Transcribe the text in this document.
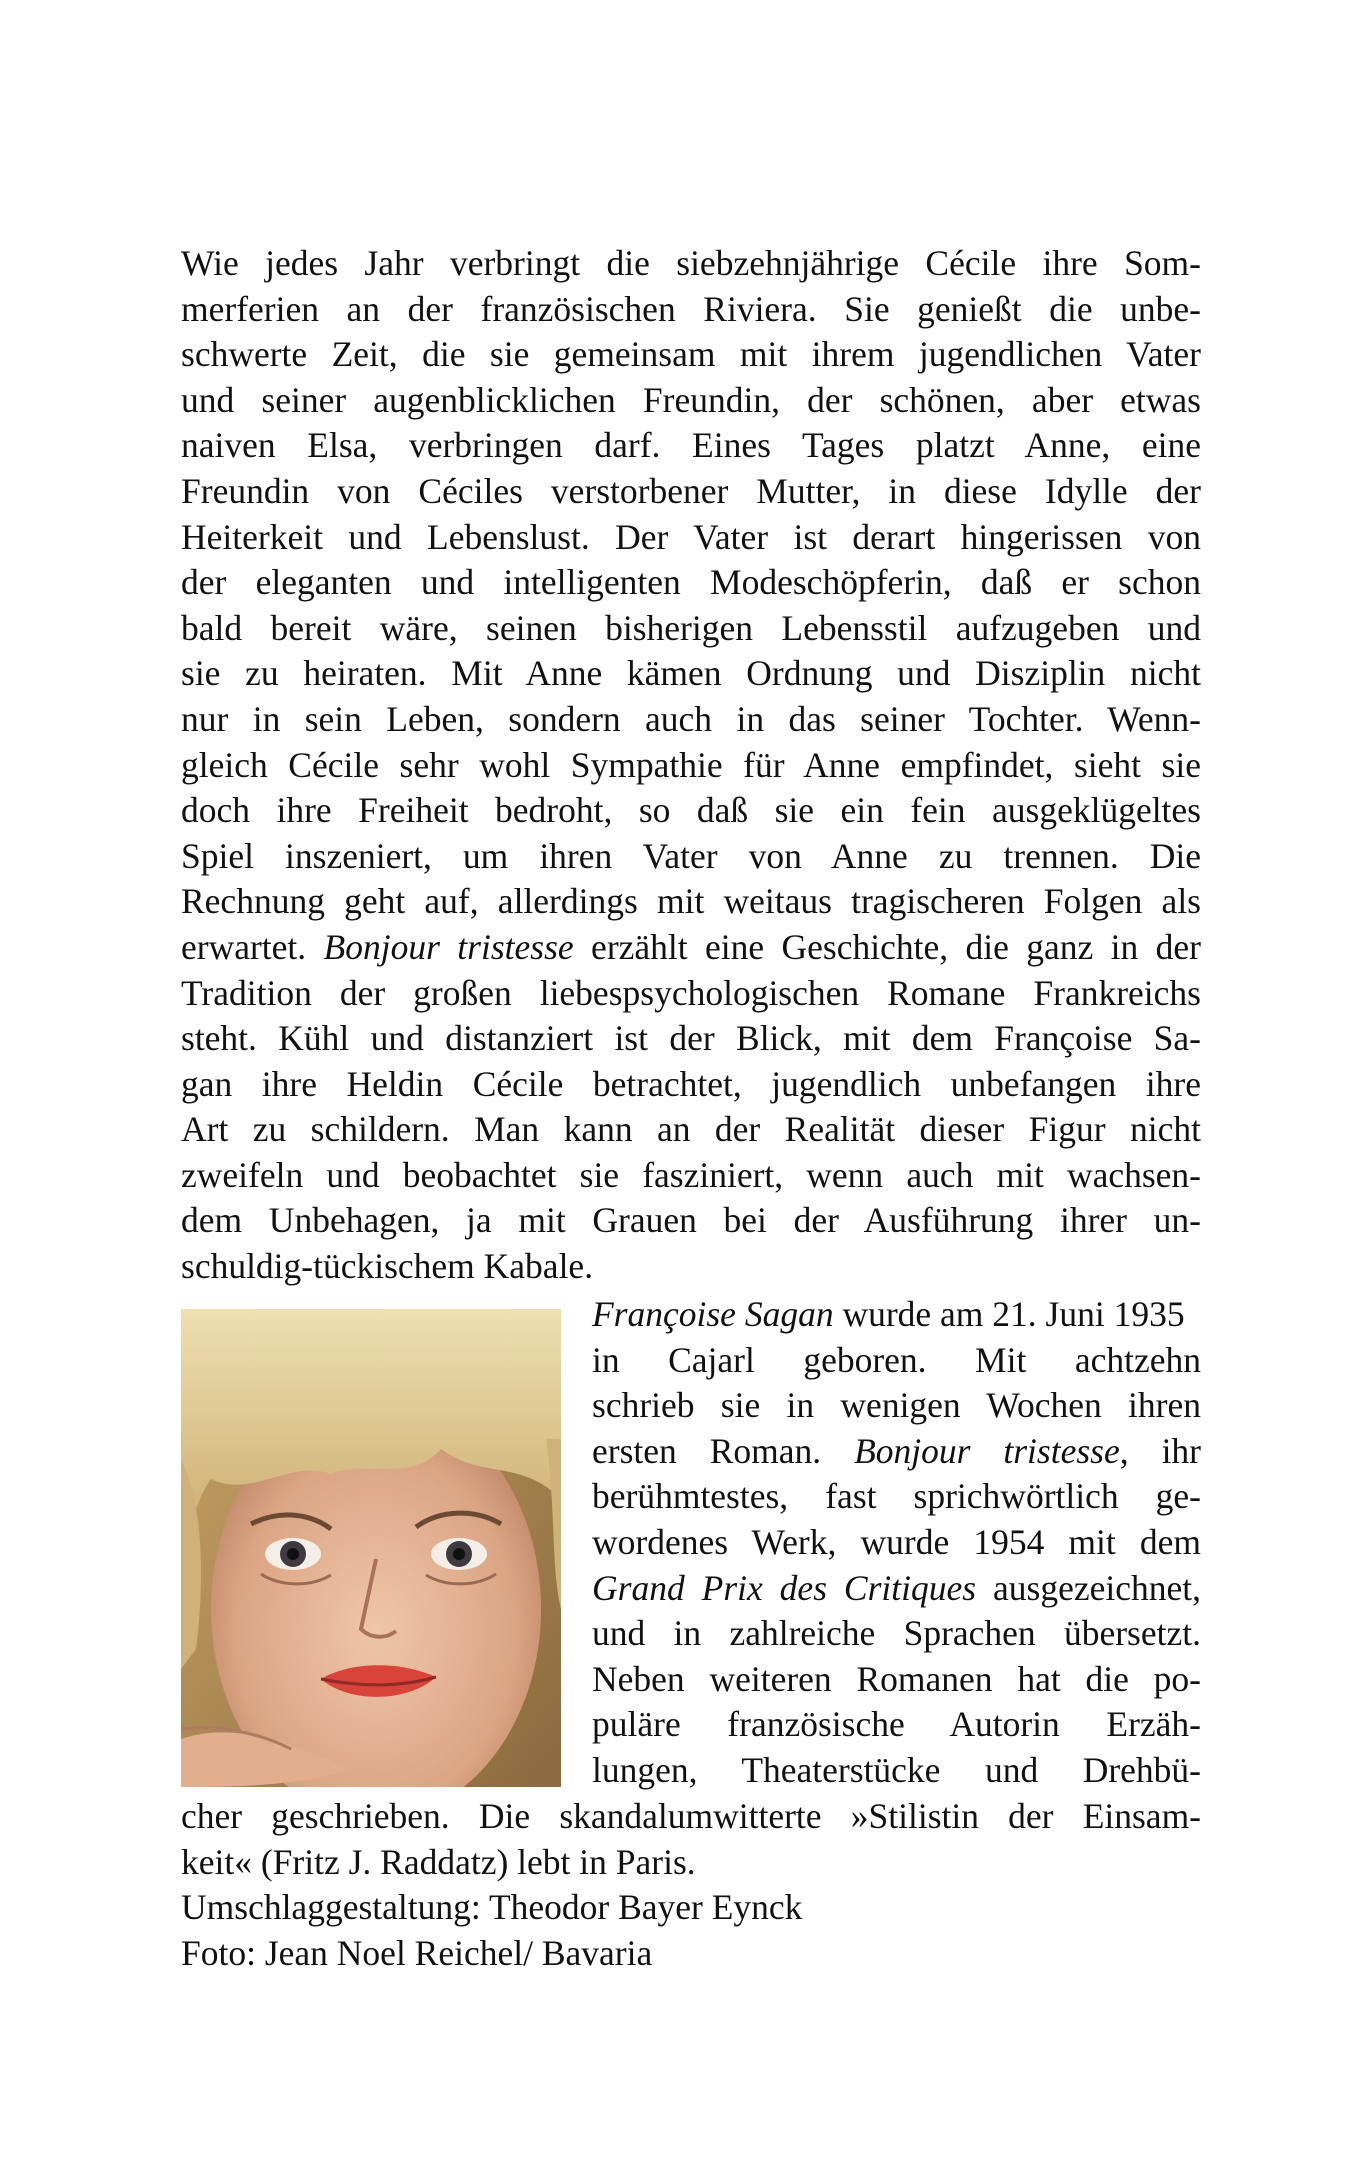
Wie jedes Jahr verbringt die siebzehnjährige Cécile ihre Som-
merferien an der französischen Riviera. Sie genießt die unbe-
schwerte Zeit, die sie gemeinsam mit ihrem jugendlichen Vater
und seiner augenblicklichen Freundin, der schönen, aber etwas
naiven Elsa, verbringen darf. Eines Tages platzt Anne, eine
Freundin von Céciles verstorbener Mutter, in diese Idylle der
Heiterkeit und Lebenslust. Der Vater ist derart hingerissen von
der eleganten und intelligenten Modeschöpferin, daß er schon
bald bereit wäre, seinen bisherigen Lebensstil aufzugeben und
sie zu heiraten. Mit Anne kämen Ordnung und Disziplin nicht
nur in sein Leben, sondern auch in das seiner Tochter. Wenn-
gleich Cécile sehr wohl Sympathie für Anne empfindet, sieht sie
doch ihre Freiheit bedroht, so daß sie ein fein ausgeklügeltes
Spiel inszeniert, um ihren Vater von Anne zu trennen. Die
Rechnung geht auf, allerdings mit weitaus tragischeren Folgen als
erwartet. Bonjour tristesse erzählt eine Geschichte, die ganz in der
Tradition der großen liebespsychologischen Romane Frankreichs
steht. Kühl und distanziert ist der Blick, mit dem Françoise Sa-
gan ihre Heldin Cécile betrachtet, jugendlich unbefangen ihre
Art zu schildern. Man kann an der Realität dieser Figur nicht
zweifeln und beobachtet sie fasziniert, wenn auch mit wachsen-
dem Unbehagen, ja mit Grauen bei der Ausführung ihrer un-
schuldig-tückischem Kabale.
Françoise Sagan wurde am 21. Juni 1935
in Cajarl geboren. Mit achtzehn
schrieb sie in wenigen Wochen ihren
ersten Roman. Bonjour tristesse, ihr
berühmtestes, fast sprichwörtlich ge-
wordenes Werk, wurde 1954 mit dem
Grand Prix des Critiques ausgezeichnet,
und in zahlreiche Sprachen übersetzt.
Neben weiteren Romanen hat die po-
puläre französische Autorin Erzäh-
lungen, Theaterstücke und Drehbü-
cher geschrieben. Die skandalumwitterte »Stilistin der Einsam-
keit« (Fritz J. Raddatz) lebt in Paris.
Umschlaggestaltung: Theodor Bayer Eynck
Foto: Jean Noel Reichel/ Bavaria
